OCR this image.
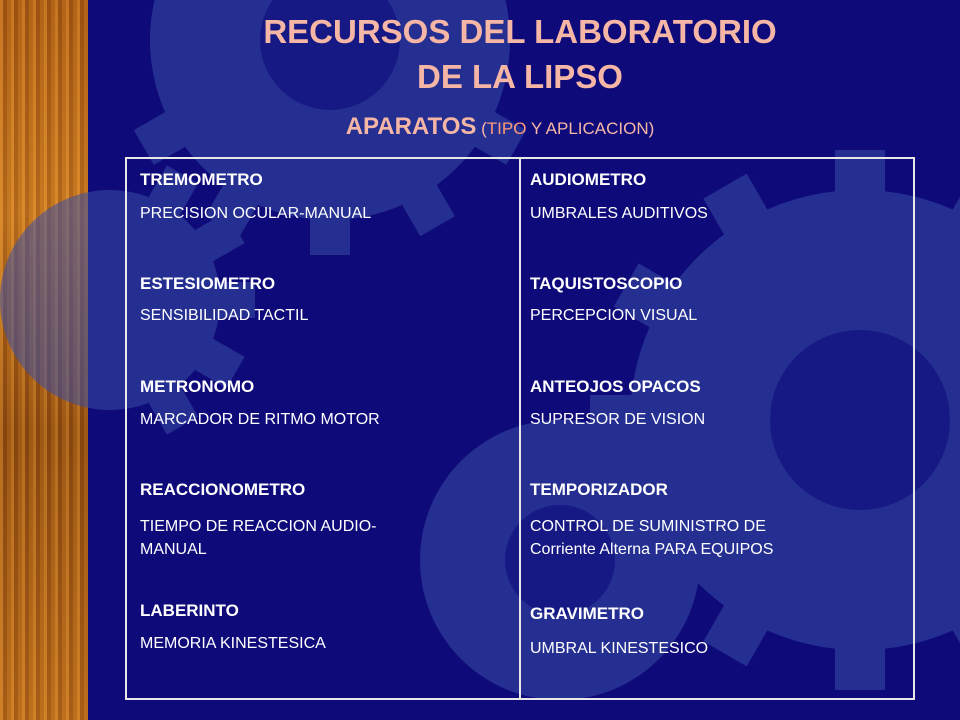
RECURSOS DEL LABORATORIO
DE LA LIPSO
APARATOS (TIPO Y APLICACION)
TREMOMETRO
PRECISION OCULAR-MANUAL
ESTESIOMETRO
SENSIBILIDAD TACTIL
METRONOMO
MARCADOR DE RITMO MOTOR
REACCIONOMETRO
TIEMPO DE REACCION AUDIO-
MANUAL
LABERINTO
MEMORIA KINESTESICA
AUDIOMETRO
UMBRALES AUDITIVOS
TAQUISTOSCOPIO
PERCEPCION VISUAL
ANTEOJOS OPACOS
SUPRESOR DE VISION
TEMPORIZADOR
CONTROL DE SUMINISTRO DE
Corriente Alterna PARA EQUIPOS
GRAVIMETRO
UMBRAL KINESTESICO
